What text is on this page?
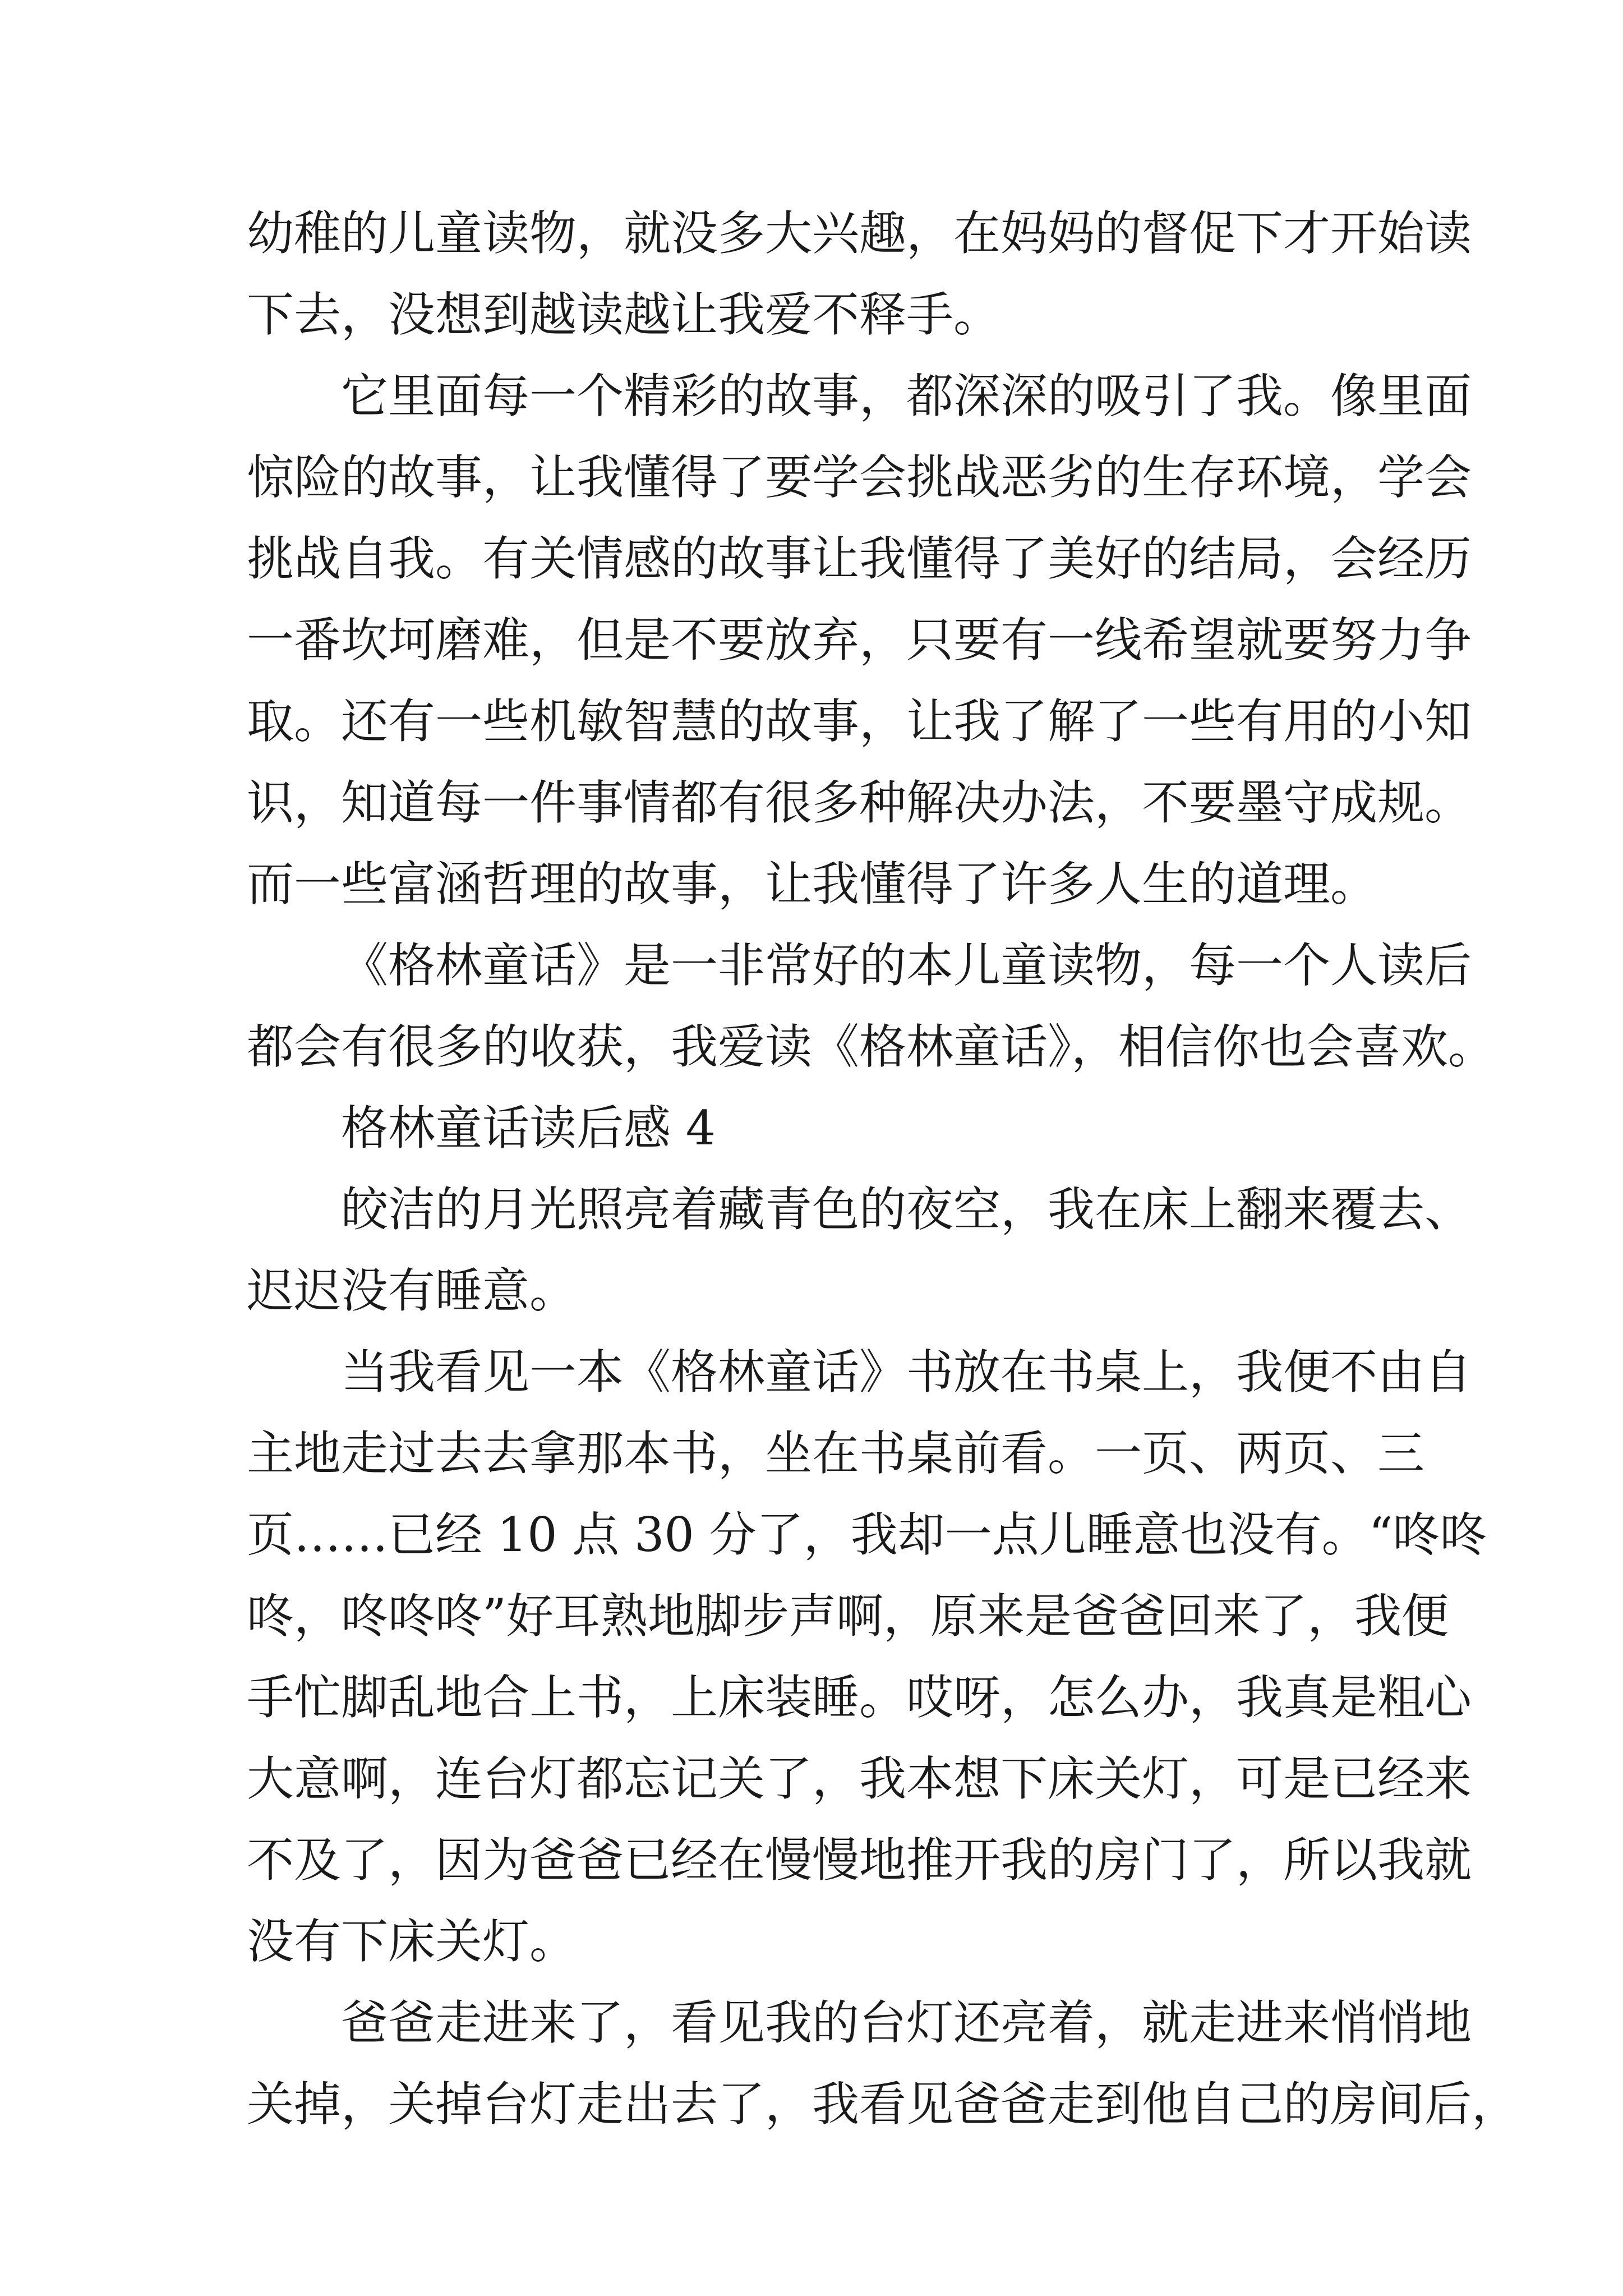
幼稚的儿童读物，就没多大兴趣，在妈妈的督促下才开始读
下去，没想到越读越让我爱不释手。
它里面每一个精彩的故事，都深深的吸引了我。像里面
惊险的故事，让我懂得了要学会挑战恶劣的生存环境，学会
挑战自我。有关情感的故事让我懂得了美好的结局，会经历
一番坎坷磨难，但是不要放弃，只要有一线希望就要努力争
取。还有一些机敏智慧的故事，让我了解了一些有用的小知
识，知道每一件事情都有很多种解决办法，不要墨守成规。
而一些富涵哲理的故事，让我懂得了许多人生的道理。
《格林童话》是一非常好的本儿童读物，每一个人读后
都会有很多的收获，我爱读《格林童话》，相信你也会喜欢。
格林童话读后感 4
皎洁的月光照亮着藏青色的夜空，我在床上翻来覆去、
迟迟没有睡意。
当我看见一本《格林童话》书放在书桌上，我便不由自
主地走过去去拿那本书，坐在书桌前看。一页、两页、三
页……已经 10 点 30 分了，我却一点儿睡意也没有。“咚咚
咚，咚咚咚”好耳熟地脚步声啊，原来是爸爸回来了，我便
手忙脚乱地合上书，上床装睡。哎呀，怎么办，我真是粗心
大意啊，连台灯都忘记关了，我本想下床关灯，可是已经来
不及了，因为爸爸已经在慢慢地推开我的房门了，所以我就
没有下床关灯。
爸爸走进来了，看见我的台灯还亮着，就走进来悄悄地
关掉，关掉台灯走出去了，我看见爸爸走到他自己的房间后，
